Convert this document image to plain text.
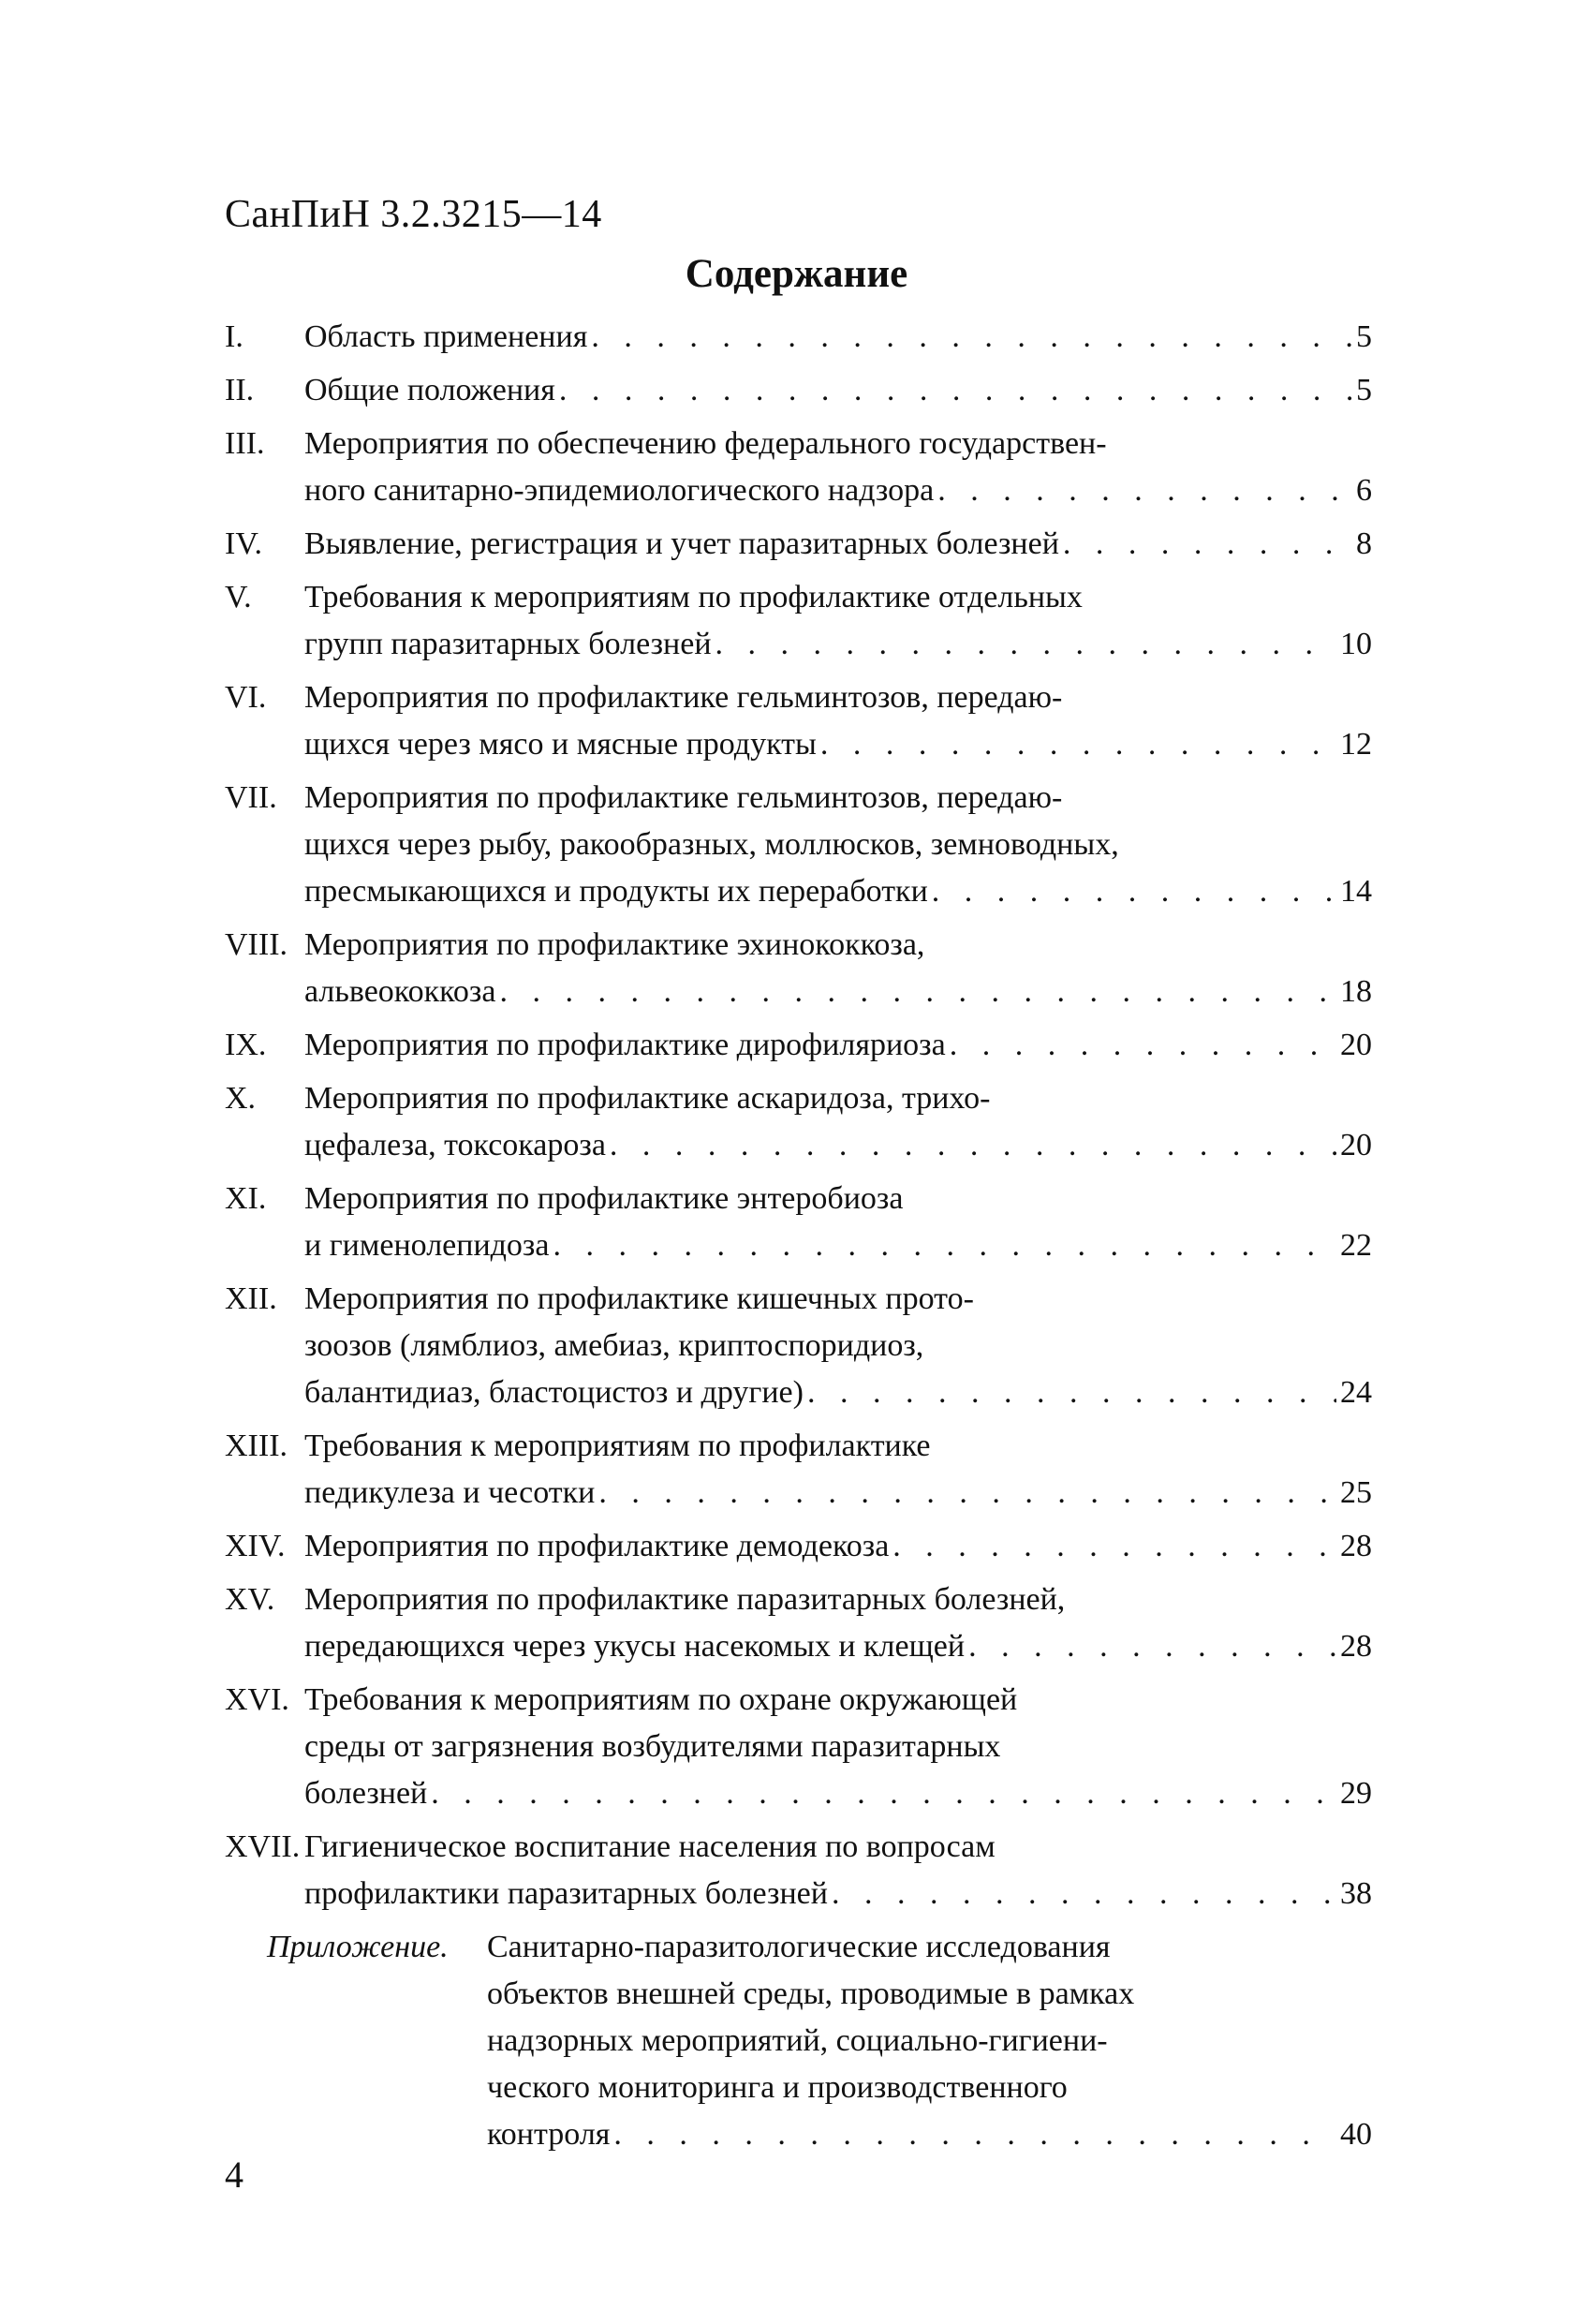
СанПиН 3.2.3215—14
Содержание
I. Область применения . . .	5
II. Общие положения . . .	5
III. Мероприятия по обеспечению федерального государствен-
ного санитарно-эпидемиологического надзора . . .	6
IV. Выявление, регистрация и учет паразитарных болезней . . .	8
V. Требования к мероприятиям по профилактике отдельных
групп паразитарных болезней . . .	10
VI. Мероприятия по профилактике гельминтозов, передаю-
щихся через мясо и мясные продукты . . .	12
VII. Мероприятия по профилактике гельминтозов, передаю-
щихся через рыбу, ракообразных, моллюсков, земноводных,
пресмыкающихся и продукты их переработки . . .	14
VIII. Мероприятия по профилактике эхинококкоза,
альвеококкоза . . .	18
IX. Мероприятия по профилактике дирофиляриоза . . .	20
X. Мероприятия по профилактике аскаридоза, трихо-
цефалеза, токсокароза . . .	20
XI. Мероприятия по профилактике энтеробиоза
и гименолепидоза . . .	22
XII. Мероприятия по профилактике кишечных прото-
зоозов (лямблиоз, амебиаз, криптоспоридиоз,
балантидиаз, бластоцистоз и другие) . . .	24
XIII. Требования к мероприятиям по профилактике
педикулеза и чесотки . . .	25
XIV. Мероприятия по профилактике демодекоза . . .	28
XV. Мероприятия по профилактике паразитарных болезней,
передающихся через укусы насекомых и клещей . . .	28
XVI. Требования к мероприятиям по охране окружающей
среды от загрязнения возбудителями паразитарных
болезней . . .	29
XVII. Гигиеническое воспитание населения по вопросам
профилактики паразитарных болезней . . .	38
Приложение. Санитарно-паразитологические исследования
объектов внешней среды, проводимые в рамках
надзорных мероприятий, социально-гигиени-
ческого мониторинга и производственного
контроля . . .	40
4
